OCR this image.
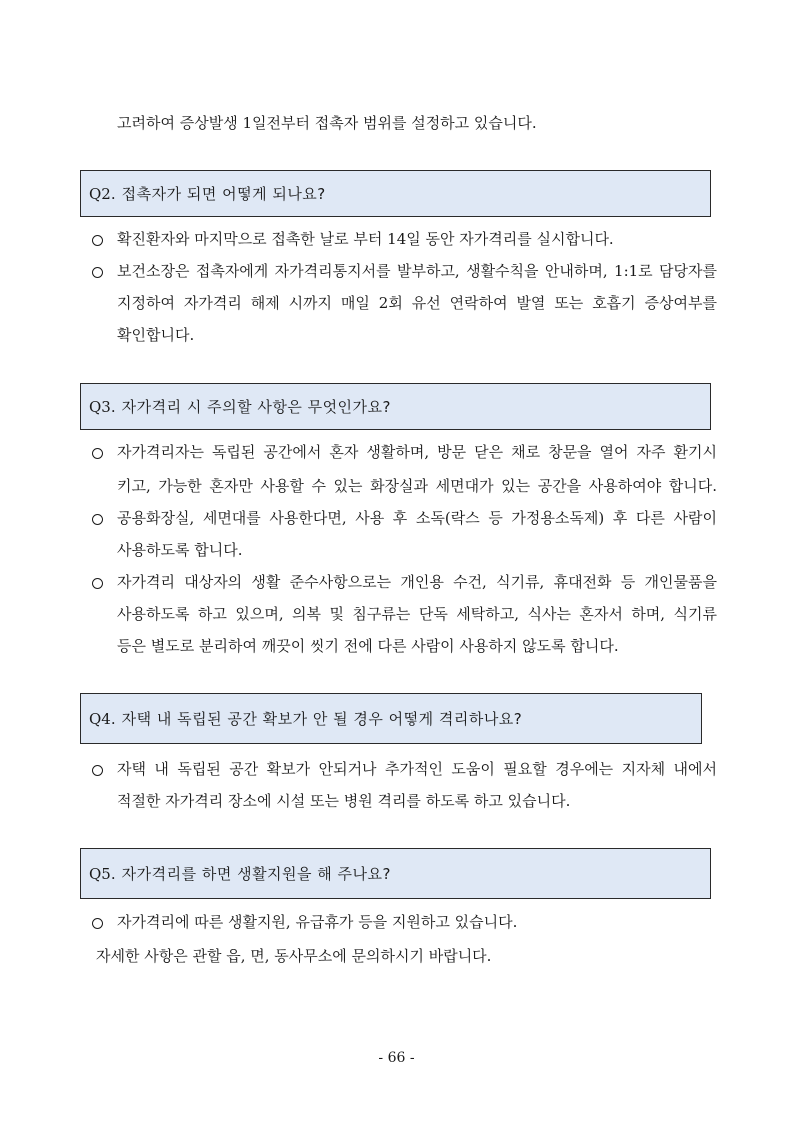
고려하여 증상발생 1일전부터 접촉자 범위를 설정하고 있습니다.
Q2. 접촉자가 되면 어떻게 되나요?
확진환자와 마지막으로 접촉한 날로 부터 14일 동안 자가격리를 실시합니다.
보건소장은 접촉자에게 자가격리통지서를 발부하고, 생활수칙을 안내하며, 1:1로 담당자를
지정하여 자가격리 해제 시까지 매일 2회 유선 연락하여 발열 또는 호흡기 증상여부를
확인합니다.
Q3. 자가격리 시 주의할 사항은 무엇인가요?
자가격리자는 독립된 공간에서 혼자 생활하며, 방문 닫은 채로 창문을 열어 자주 환기시
키고, 가능한 혼자만 사용할 수 있는 화장실과 세면대가 있는 공간을 사용하여야 합니다.
공용화장실, 세면대를 사용한다면, 사용 후 소독(락스 등 가정용소독제) 후 다른 사람이
사용하도록 합니다.
자가격리 대상자의 생활 준수사항으로는 개인용 수건, 식기류, 휴대전화 등 개인물품을
사용하도록 하고 있으며, 의복 및 침구류는 단독 세탁하고, 식사는 혼자서 하며, 식기류
등은 별도로 분리하여 깨끗이 씻기 전에 다른 사람이 사용하지 않도록 합니다.
Q4. 자택 내 독립된 공간 확보가 안 될 경우 어떻게 격리하나요?
자택 내 독립된 공간 확보가 안되거나 추가적인 도움이 필요할 경우에는 지자체 내에서
적절한 자가격리 장소에 시설 또는 병원 격리를 하도록 하고 있습니다.
Q5. 자가격리를 하면 생활지원을 해 주나요?
자가격리에 따른 생활지원, 유급휴가 등을 지원하고 있습니다.
자세한 사항은 관할 읍, 면, 동사무소에 문의하시기 바랍니다.
- 66 -
